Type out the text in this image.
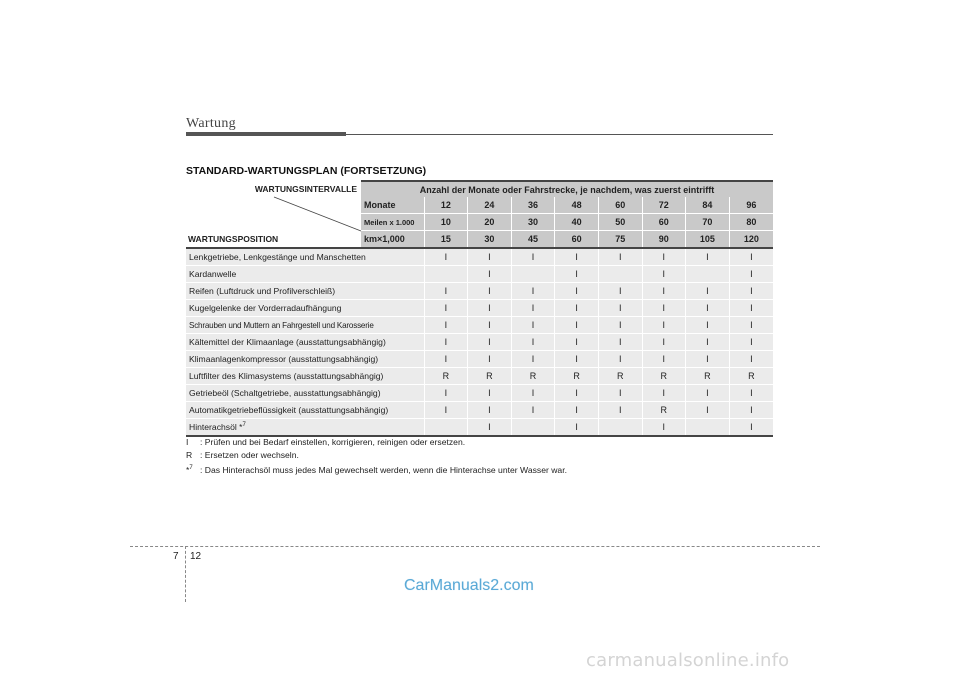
Wartung
STANDARD-WARTUNGSPLAN (FORTSETZUNG)
WARTUNGSINTERVALLE
WARTUNGSPOSITION	Anzahl der Monate oder Fahrstrecke, je nachdem, was zuerst eintrifft								
	Monate	12	24	36	48	60	72	84	96
	Meilen x 1.000	10	20	30	40	50	60	70	80
	km×1,000	15	30	45	60	75	90	105	120
Lenkgetriebe, Lenkgestänge und Manschetten		I	I	I	I	I	I	I	I
Kardanwelle			I		I		I		I
Reifen (Luftdruck und Profilverschleiß)		I	I	I	I	I	I	I	I
Kugelgelenke der Vorderradaufhängung		I	I	I	I	I	I	I	I
Schrauben und Muttern an Fahrgestell und Karosserie		I	I	I	I	I	I	I	I
Kältemittel der Klimaanlage (ausstattungsabhängig)		I	I	I	I	I	I	I	I
Klimaanlagenkompressor (ausstattungsabhängig)		I	I	I	I	I	I	I	I
Luftfilter des Klimasystems (ausstattungsabhängig)		R	R	R	R	R	R	R	R
Getriebeöl (Schaltgetriebe, ausstattungsabhängig)		I	I	I	I	I	I	I	I
Automatikgetriebeflüssigkeit (ausstattungsabhängig)		I	I	I	I	I	R	I	I
Hinterachsöl *$^7$			I		I		I		I
I : Prüfen und bei Bedarf einstellen, korrigieren, reinigen oder ersetzen.
R : Ersetzen oder wechseln.
*$^7$ : Das Hinterachsöl muss jedes Mal gewechselt werden, wenn die Hinterachse unter Wasser war.
7 12
CarManuals2.com
carmanualsonline.info
